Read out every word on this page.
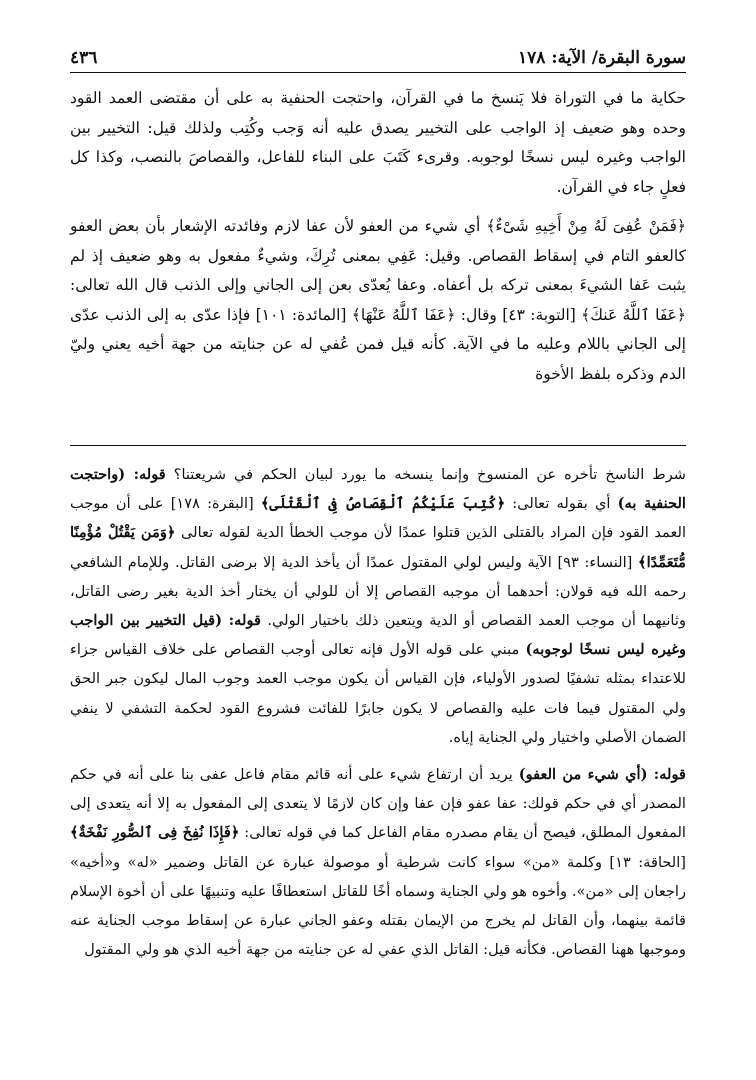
سورة البقرة/ الآية: ١٧٨
٤٣٦

حكاية ما في التوراة فلا يَنسخ ما في القرآن، واحتجت الحنفية به على أن مقتضى العمد القود وحده وهو ضعيف إذ الواجب على التخيير يصدق عليه أنه وَجب وكُتِب ولذلك قيل: التخيير بين الواجب وغيره ليس نسخًا لوجوبه. وقرىء كَتَبَ على البناء للفاعل، والقصاصَ بالنصب، وكذا كل فعلٍ جاء في القرآن.

﴿فَمَنْ عُفِىَ لَهُ مِنْ أَخِيهِ شَىْءٌ﴾ أي شيء من العفو لأن عفا لازم وفائدته الإشعار بأن بعض العفو كالعفو التام في إسقاط القصاص. وقيل: عَفِي بمعنى تُرِكَ، وشيءٌ مفعول به وهو ضعيف إذ لم يثبت عَفا الشيءَ بمعنى تركه بل أعفاه. وعفا يُعدّى بعن إلى الجاني وإلى الذنب قال الله تعالى: ﴿عَفَا ٱللَّهُ عَنكَ﴾ [التوبة: ٤٣] وقال: ﴿عَفَا ٱللَّهُ عَنْهَا﴾ [المائدة: ١٠١] فإذا عدّى به إلى الذنب عدّى إلى الجاني باللام وعليه ما في الآية. كأنه قيل فمن عُفي له عن جنايته من جهة أخيه يعني وليّ الدم وذكره بلفظ الأخوة

شرط الناسخ تأخره عن المنسوخ وإنما ينسخه ما يورد لبيان الحكم في شريعتنا؟ قوله: (واحتجت الحنفية به) أي بقوله تعالى: ﴿كُتِبَ عَلَيْكُمُ ٱلْقِصَاصُ فِى ٱلْقَتْلَى﴾ [البقرة: ١٧٨] على أن موجب العمد القود فإن المراد بالقتلى الذين قتلوا عمدًا لأن موجب الخطأ الدية لقوله تعالى ﴿وَمَن يَقْتُلْ مُؤْمِنًا مُّتَعَمِّدًا﴾ [النساء: ٩٣] الآية وليس لولي المقتول عمدًا أن يأخذ الدية إلا برضى القاتل. وللإمام الشافعي رحمه الله فيه قولان: أحدهما أن موجبه القصاص إلا أن للولي أن يختار أخذ الدية بغير رضى القاتل، وثانيهما أن موجب العمد القصاص أو الدية ويتعين ذلك باختيار الولي. قوله: (قيل التخيير بين الواجب وغيره ليس نسخًا لوجوبه) مبني على قوله الأول فإنه تعالى أوجب القصاص على خلاف القياس جزاء للاعتداء بمثله تشفيًا لصدور الأولياء، فإن القياس أن يكون موجب العمد وجوب المال ليكون جبر الحق ولي المقتول فيما فات عليه والقصاص لا يكون جابرًا للفائت فشروع القود لحكمة التشفي لا ينفي الضمان الأصلي واختيار ولي الجناية إياه.

قوله: (أي شيء من العفو) يريد أن ارتفاع شيء على أنه قائم مقام فاعل عفى بنا على أنه في حكم المصدر أي في حكم قولك: عفا عفو فإن عفا وإن كان لازمًا لا يتعدى إلى المفعول به إلا أنه يتعدى إلى المفعول المطلق، فيصح أن يقام مصدره مقام الفاعل كما في قوله تعالى: ﴿فَإِذَا نُفِخَ فِى ٱلصُّورِ نَفْخَةٌ﴾ [الحاقة: ١٣] وكلمة «من» سواء كانت شرطية أو موصولة عبارة عن القاتل وضمير «له» و«أخيه» راجعان إلى «من». وأخوه هو ولي الجناية وسماه أخًا للقاتل استعطافًا عليه وتنبيهًا على أن أخوة الإسلام قائمة بينهما، وأن القاتل لم يخرج من الإيمان بقتله وعفو الجاني عبارة عن إسقاط موجب الجناية عنه وموجبها ههنا القصاص. فكأنه قيل: القاتل الذي عفي له عن جنايته من جهة أخيه الذي هو ولي المقتول
